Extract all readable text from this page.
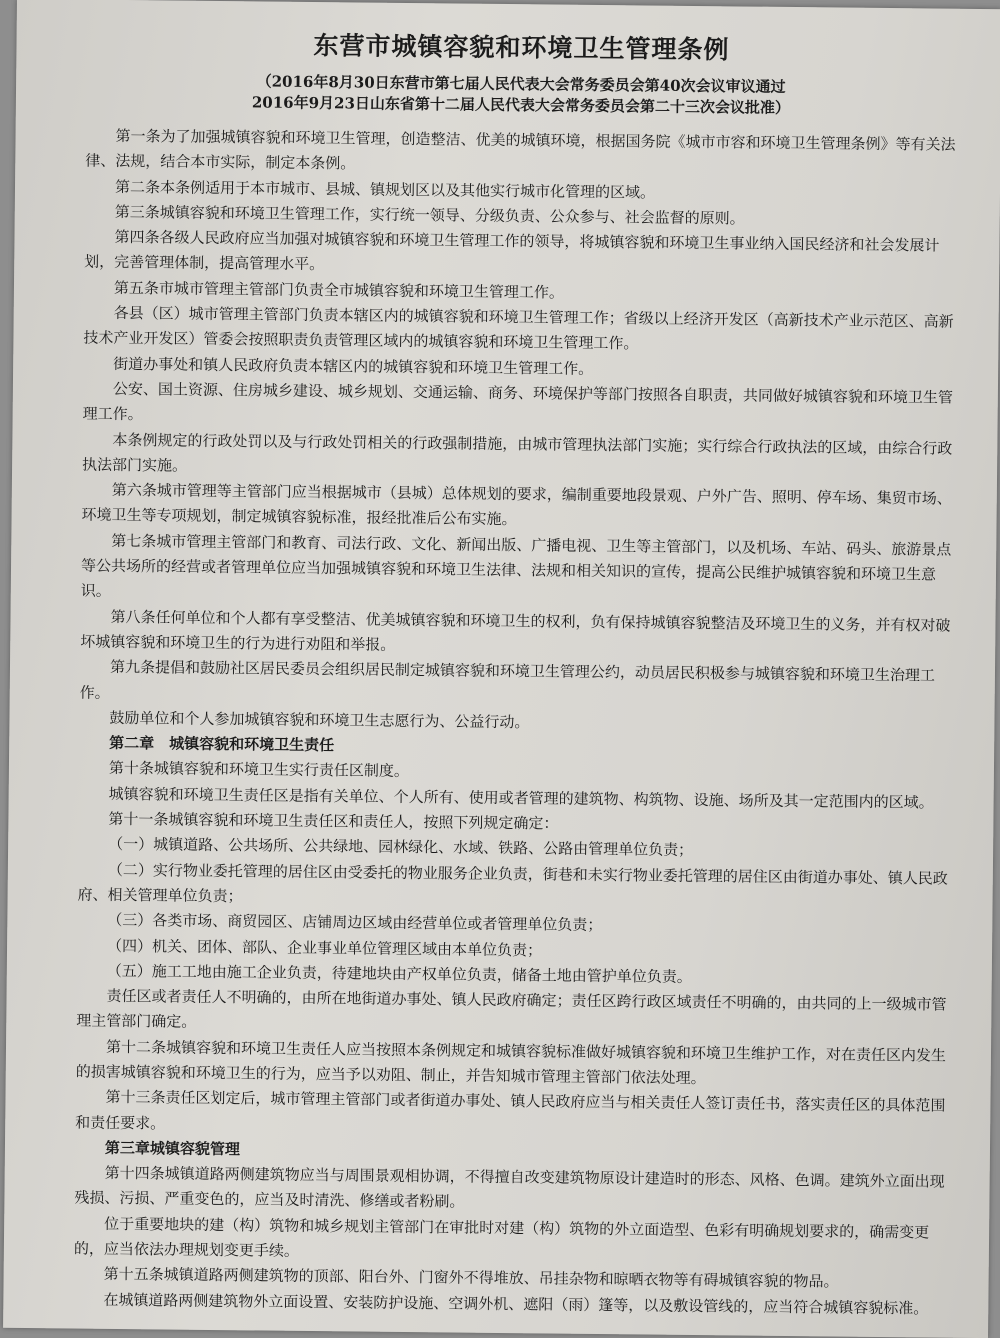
东营市城镇容貌和环境卫生管理条例
（2016年8月30日东营市第七届人民代表大会常务委员会第40次会议审议通过
2016年9月23日山东省第十二届人民代表大会常务委员会第二十三次会议批准）

第一条为了加强城镇容貌和环境卫生管理，创造整洁、优美的城镇环境，根据国务院《城市市容和环境卫生管理条例》等有关法律、法规，结合本市实际，制定本条例。

第二条本条例适用于本市城市、县城、镇规划区以及其他实行城市化管理的区域。

第三条城镇容貌和环境卫生管理工作，实行统一领导、分级负责、公众参与、社会监督的原则。

第四条各级人民政府应当加强对城镇容貌和环境卫生管理工作的领导，将城镇容貌和环境卫生事业纳入国民经济和社会发展计划，完善管理体制，提高管理水平。

第五条市城市管理主管部门负责全市城镇容貌和环境卫生管理工作。

各县（区）城市管理主管部门负责本辖区内的城镇容貌和环境卫生管理工作；省级以上经济开发区（高新技术产业示范区、高新技术产业开发区）管委会按照职责负责管理区域内的城镇容貌和环境卫生管理工作。

街道办事处和镇人民政府负责本辖区内的城镇容貌和环境卫生管理工作。

公安、国土资源、住房城乡建设、城乡规划、交通运输、商务、环境保护等部门按照各自职责，共同做好城镇容貌和环境卫生管理工作。

本条例规定的行政处罚以及与行政处罚相关的行政强制措施，由城市管理执法部门实施；实行综合行政执法的区域，由综合行政执法部门实施。

第六条城市管理等主管部门应当根据城市（县城）总体规划的要求，编制重要地段景观、户外广告、照明、停车场、集贸市场、环境卫生等专项规划，制定城镇容貌标准，报经批准后公布实施。

第七条城市管理主管部门和教育、司法行政、文化、新闻出版、广播电视、卫生等主管部门，以及机场、车站、码头、旅游景点等公共场所的经营或者管理单位应当加强城镇容貌和环境卫生法律、法规和相关知识的宣传，提高公民维护城镇容貌和环境卫生意识。

第八条任何单位和个人都有享受整洁、优美城镇容貌和环境卫生的权利，负有保持城镇容貌整洁及环境卫生的义务，并有权对破坏城镇容貌和环境卫生的行为进行劝阻和举报。

第九条提倡和鼓励社区居民委员会组织居民制定城镇容貌和环境卫生管理公约，动员居民积极参与城镇容貌和环境卫生治理工作。

鼓励单位和个人参加城镇容貌和环境卫生志愿行为、公益行动。

第二章　城镇容貌和环境卫生责任

第十条城镇容貌和环境卫生实行责任区制度。

城镇容貌和环境卫生责任区是指有关单位、个人所有、使用或者管理的建筑物、构筑物、设施、场所及其一定范围内的区域。

第十一条城镇容貌和环境卫生责任区和责任人，按照下列规定确定：

（一）城镇道路、公共场所、公共绿地、园林绿化、水域、铁路、公路由管理单位负责；

（二）实行物业委托管理的居住区由受委托的物业服务企业负责，街巷和未实行物业委托管理的居住区由街道办事处、镇人民政府、相关管理单位负责；

（三）各类市场、商贸园区、店铺周边区域由经营单位或者管理单位负责；

（四）机关、团体、部队、企业事业单位管理区域由本单位负责；

（五）施工工地由施工企业负责，待建地块由产权单位负责，储备土地由管护单位负责。

责任区或者责任人不明确的，由所在地街道办事处、镇人民政府确定；责任区跨行政区域责任不明确的，由共同的上一级城市管理主管部门确定。

第十二条城镇容貌和环境卫生责任人应当按照本条例规定和城镇容貌标准做好城镇容貌和环境卫生维护工作，对在责任区内发生的损害城镇容貌和环境卫生的行为，应当予以劝阻、制止，并告知城市管理主管部门依法处理。

第十三条责任区划定后，城市管理主管部门或者街道办事处、镇人民政府应当与相关责任人签订责任书，落实责任区的具体范围和责任要求。

第三章城镇容貌管理

第十四条城镇道路两侧建筑物应当与周围景观相协调，不得擅自改变建筑物原设计建造时的形态、风格、色调。建筑外立面出现残损、污损、严重变色的，应当及时清洗、修缮或者粉刷。

位于重要地块的建（构）筑物和城乡规划主管部门在审批时对建（构）筑物的外立面造型、色彩有明确规划要求的，确需变更的，应当依法办理规划变更手续。

第十五条城镇道路两侧建筑物的顶部、阳台外、门窗外不得堆放、吊挂杂物和晾晒衣物等有碍城镇容貌的物品。

在城镇道路两侧建筑物外立面设置、安装防护设施、空调外机、遮阳（雨）篷等，以及敷设管线的，应当符合城镇容貌标准。
